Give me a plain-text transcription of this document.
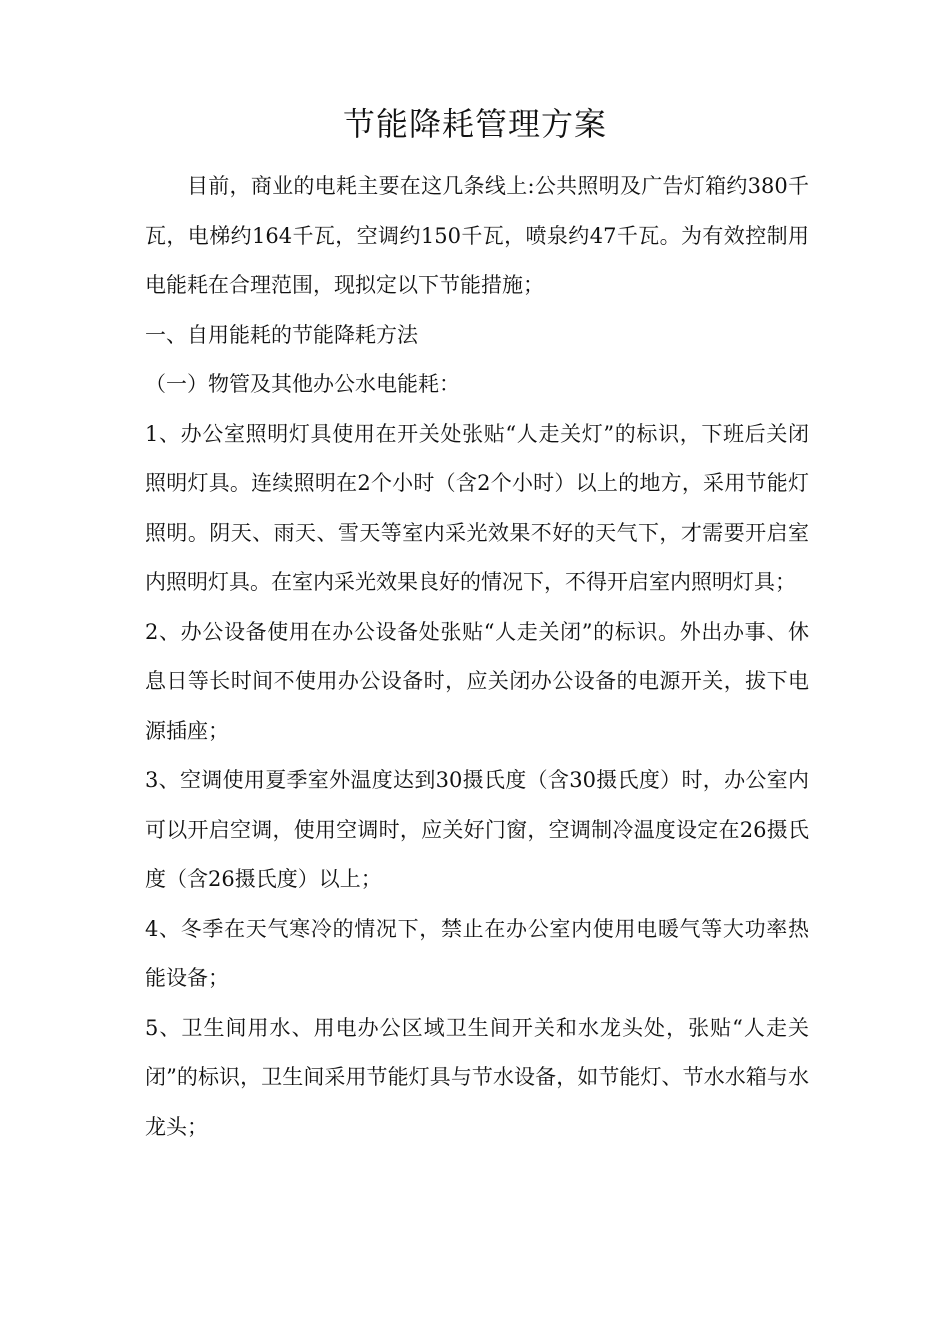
节能降耗管理方案

目前，商业的电耗主要在这几条线上:公共照明及广告灯箱约380千瓦，电梯约164千瓦，空调约150千瓦，喷泉约47千瓦。为有效控制用电能耗在合理范围，现拟定以下节能措施；

一、自用能耗的节能降耗方法

（一）物管及其他办公水电能耗：

1、办公室照明灯具使用在开关处张贴“人走关灯”的标识，下班后关闭照明灯具。连续照明在2个小时（含2个小时）以上的地方，采用节能灯照明。阴天、雨天、雪天等室内采光效果不好的天气下，才需要开启室内照明灯具。在室内采光效果良好的情况下，不得开启室内照明灯具；

2、办公设备使用在办公设备处张贴“人走关闭”的标识。外出办事、休息日等长时间不使用办公设备时，应关闭办公设备的电源开关，拔下电源插座；

3、空调使用夏季室外温度达到30摄氏度（含30摄氏度）时，办公室内可以开启空调，使用空调时，应关好门窗，空调制冷温度设定在26摄氏度（含26摄氏度）以上；

4、冬季在天气寒冷的情况下，禁止在办公室内使用电暖气等大功率热能设备；

5、卫生间用水、用电办公区域卫生间开关和水龙头处，张贴“人走关闭”的标识，卫生间采用节能灯具与节水设备，如节能灯、节水水箱与水龙头；
